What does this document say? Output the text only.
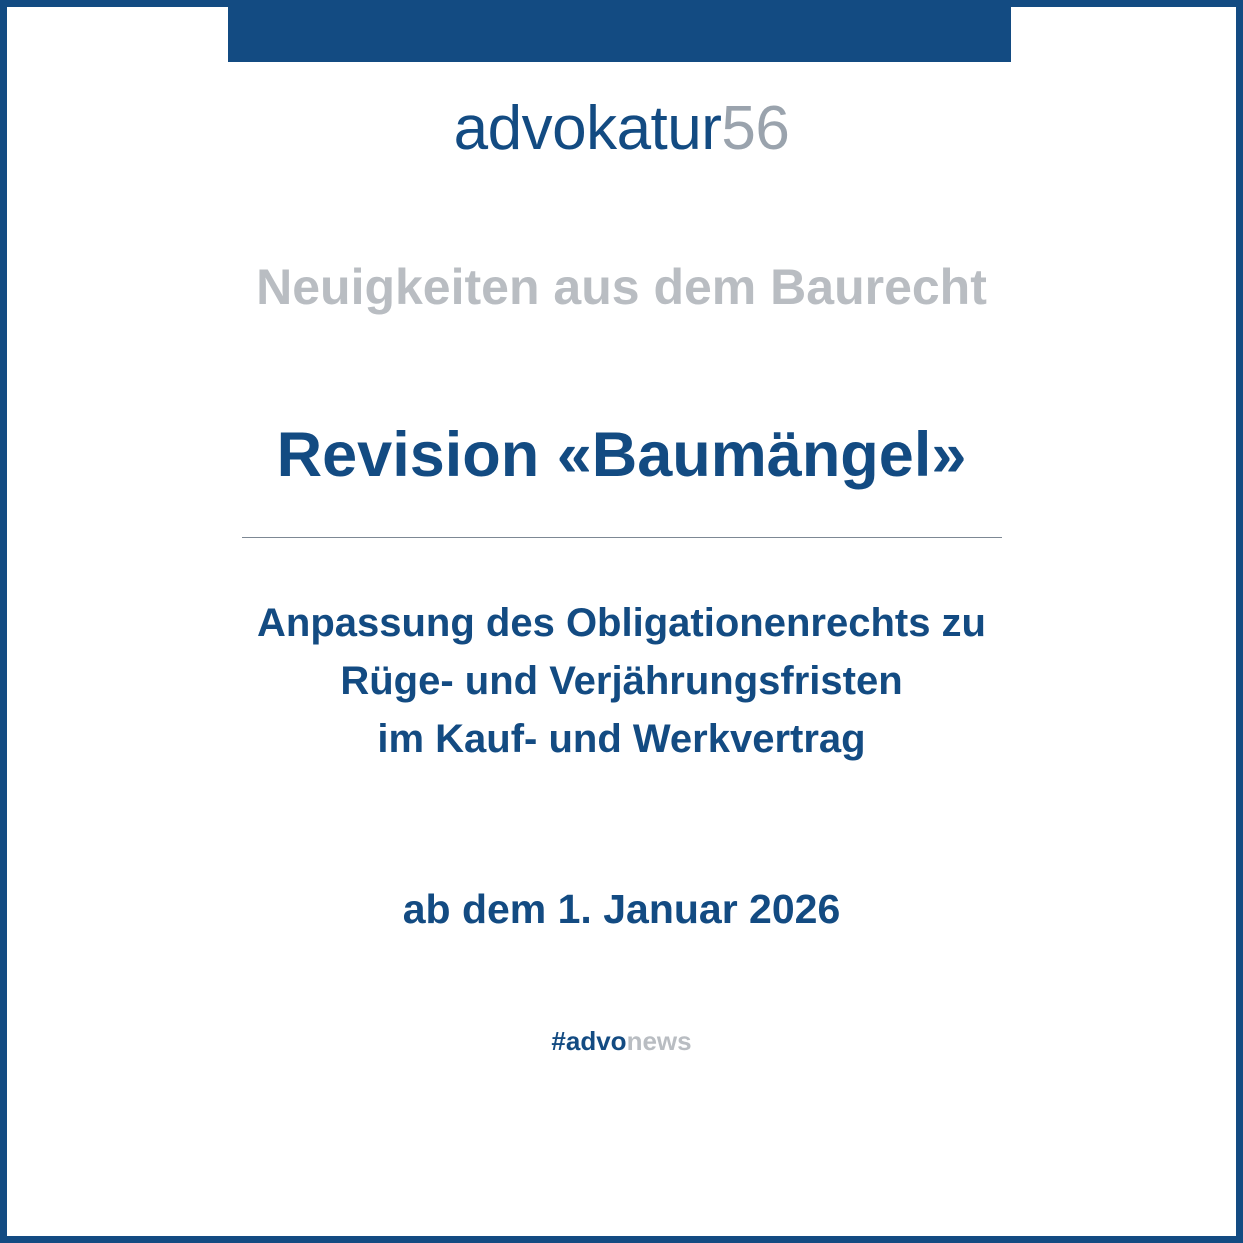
advokatur56
Neuigkeiten aus dem Baurecht
Revision «Baumängel»
Anpassung des Obligationenrechts zu
Rüge- und Verjährungsfristen
im Kauf- und Werkvertrag
ab dem 1. Januar 2026
#advonews
